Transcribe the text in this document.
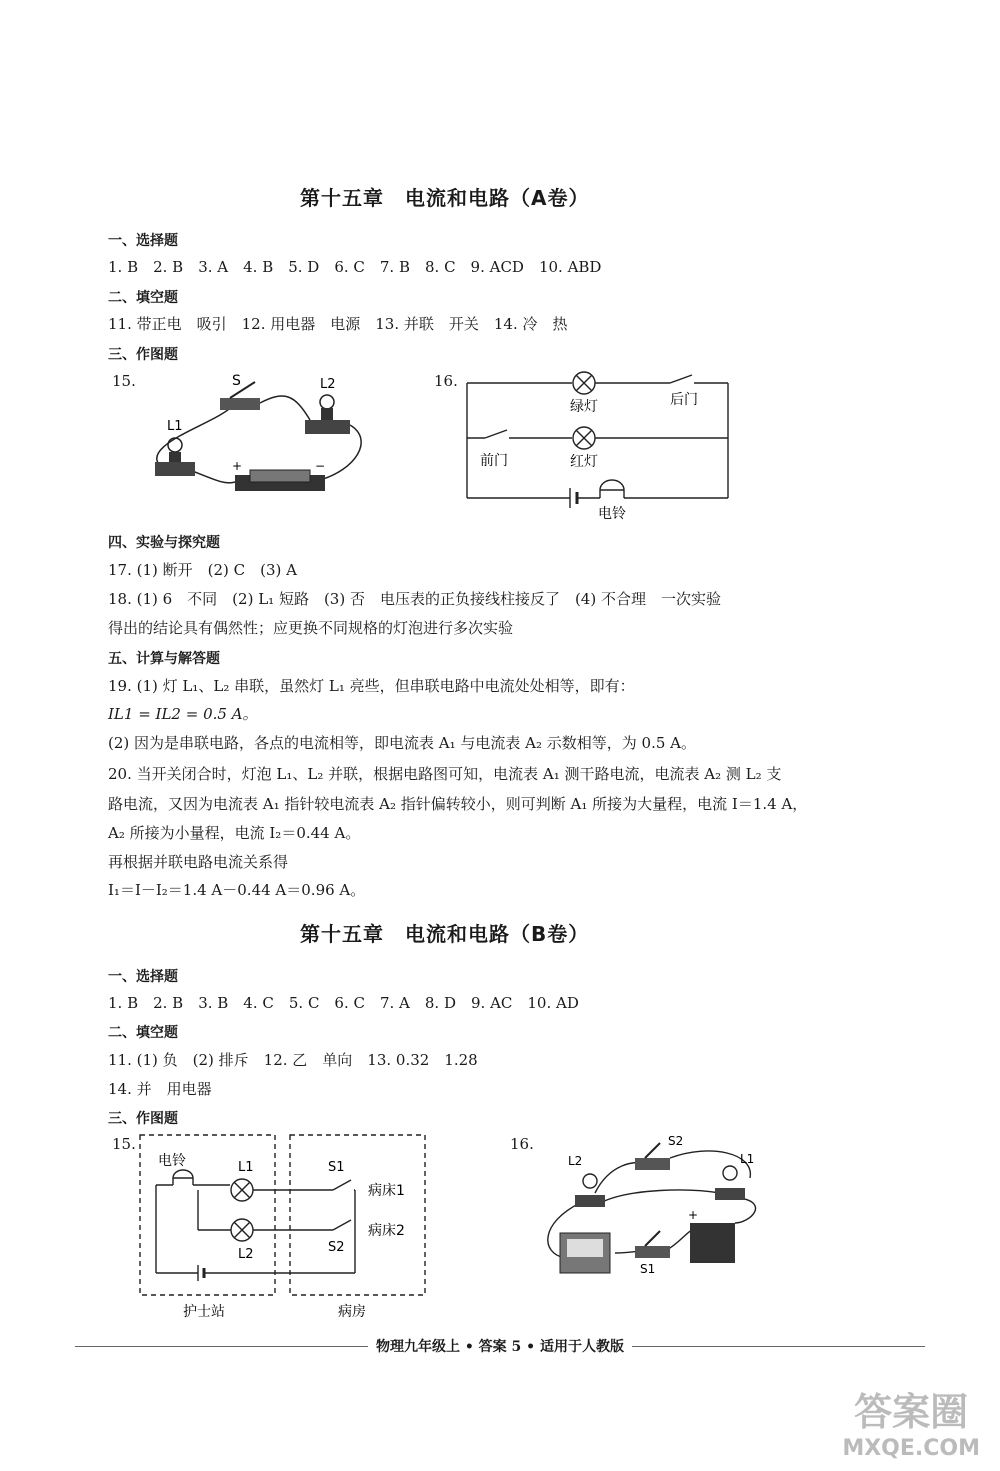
第十五章　电流和电路（A卷）
一、选择题
1. B　2. B　3. A　4. B　5. D　6. C　7. B　8. C　9. ACD　10. ABD
二、填空题
11. 带正电　吸引　12. 用电器　电源　13. 并联　开关　14. 冷　热
三、作图题
15.	16.
+	−
S
L1
L2
绿灯	后门
前门	红灯
电铃
四、实验与探究题
17. (1) 断开　(2) C　(3) A
18. (1) 6　不同　(2) L₁ 短路　(3) 否　电压表的正负接线柱接反了　(4) 不合理　一次实验
得出的结论具有偶然性；应更换不同规格的灯泡进行多次实验
五、计算与解答题
19. (1) 灯 L₁、L₂ 串联，虽然灯 L₁ 亮些，但串联电路中电流处处相等，即有：
IL1 = IL2 = 0.5 A。
(2) 因为是串联电路，各点的电流相等，即电流表 A₁ 与电流表 A₂ 示数相等，为 0.5 A。
20. 当开关闭合时，灯泡 L₁、L₂ 并联，根据电路图可知，电流表 A₁ 测干路电流，电流表 A₂ 测 L₂ 支
路电流，又因为电流表 A₁ 指针较电流表 A₂ 指针偏转较小，则可判断 A₁ 所接为大量程，电流 I＝1.4 A，
A₂ 所接为小量程，电流 I₂＝0.44 A。
再根据并联电路电流关系得
I₁＝I－I₂＝1.4 A－0.44 A＝0.96 A。
第十五章　电流和电路（B卷）
一、选择题
1. B　2. B　3. B　4. C　5. C　6. C　7. A　8. D　9. AC　10. AD
二、填空题
11. (1) 负　(2) 排斥　12. 乙　单向　13. 0.32　1.28
14. 并　用电器
三、作图题
15.	16.
电铃	L1
L2
S1
S2
病床1
病床2
护士站	病房
+
L2	L1
S2
S1
物理九年级上 • 答案 5 • 适用于人教版
答案圈
MXQE.COM
